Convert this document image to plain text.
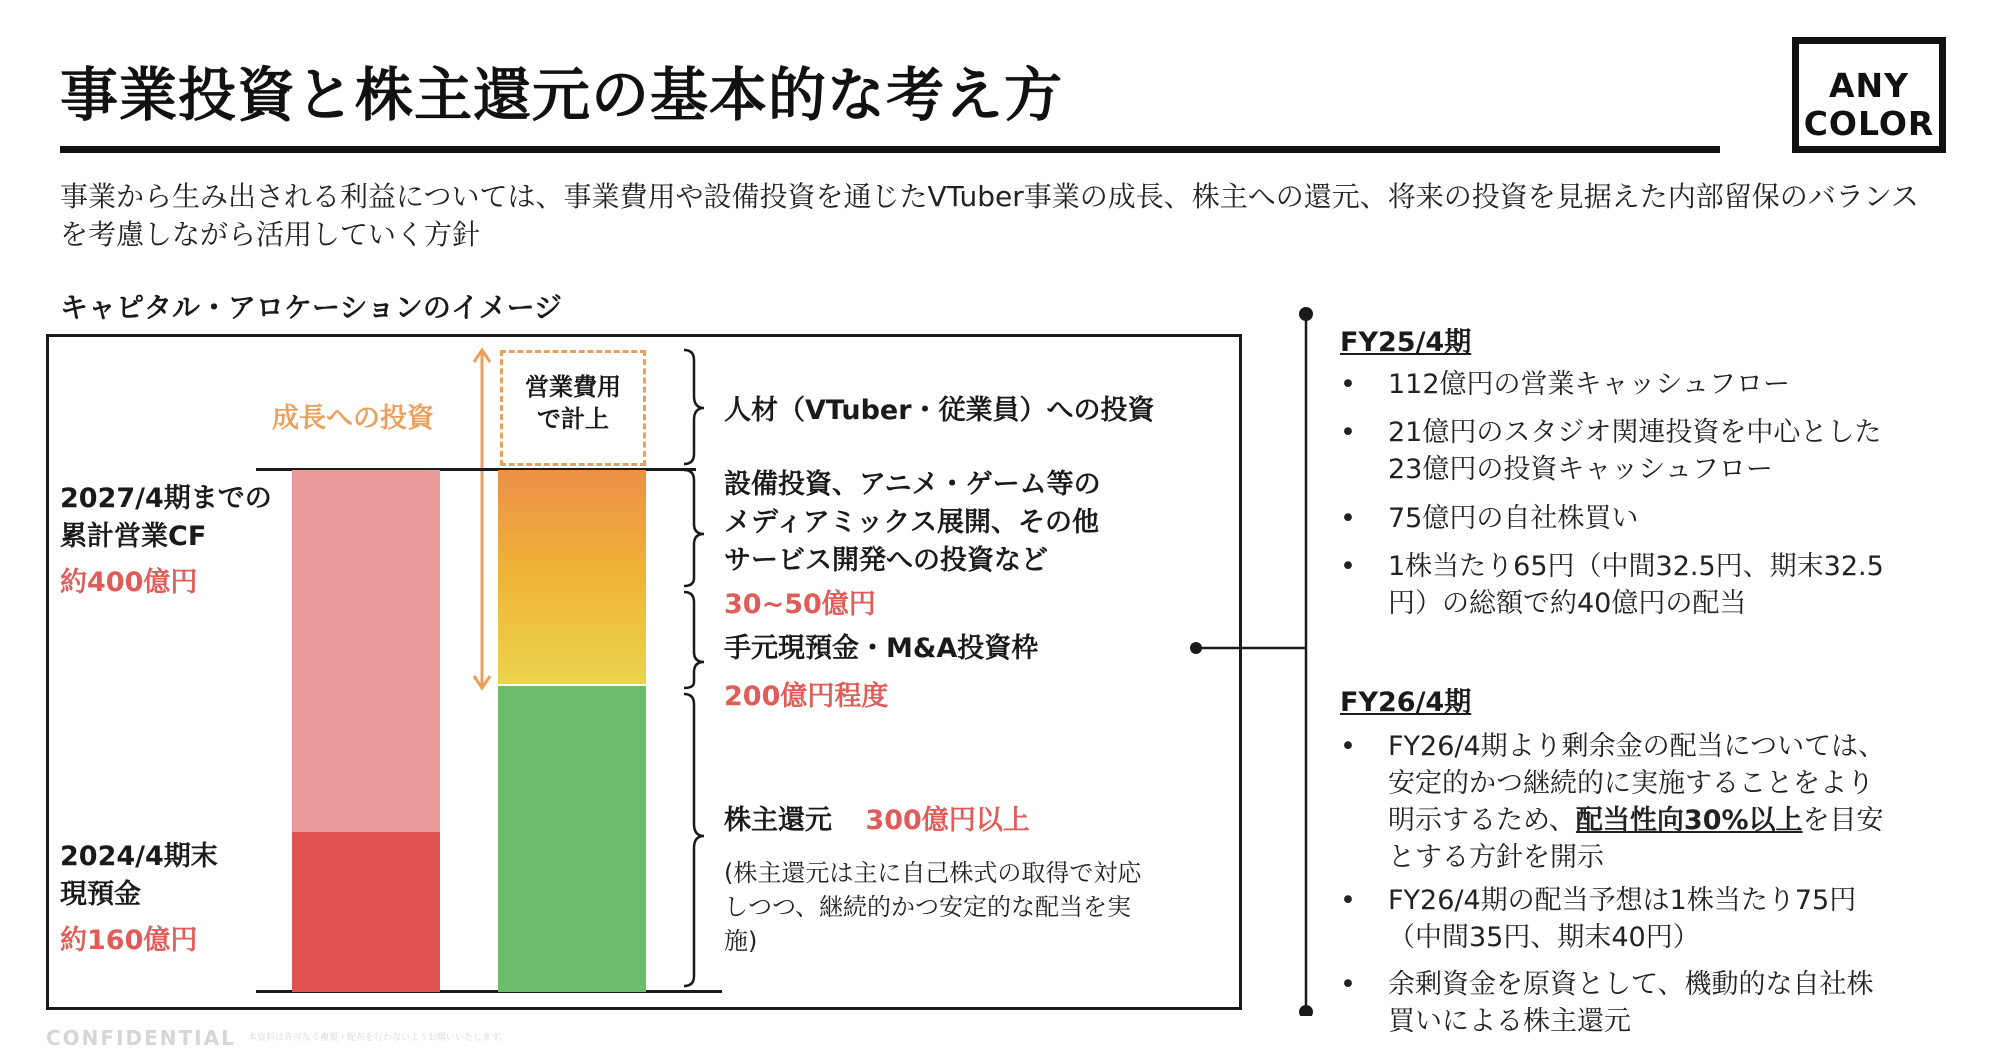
事業投資と株主還元の基本的な考え方	ANY
COLOR
事業から生み出される利益については、事業費用や設備投資を通じたVTuber事業の成長、株主への還元、将来の投資を見据えた内部留保のバランスを考慮しながら活用していく方針
キャピタル・アロケーションのイメージ
成長への投資
営業費用
で計上
2027/4期までの
累計営業CF
約400億円
2024/4期末
現預金
約160億円
人材（VTuber・従業員）への投資
設備投資、アニメ・ゲーム等の
メディアミックス展開、その他
サービス開発への投資など
30~50億円
手元現預金・M&A投資枠
200億円程度
株主還元 300億円以上
(株主還元は主に自己株式の取得で対応
しつつ、継続的かつ安定的な配当を実
施)
FY25/4期
• 112億円の営業キャッシュフロー
• 21億円のスタジオ関連投資を中心とした
23億円の投資キャッシュフロー
• 75億円の自社株買い
• 1株当たり65円（中間32.5円、期末32.5
円）の総額で約40億円の配当
FY26/4期
• FY26/4期より剰余金の配当については、
安定的かつ継続的に実施することをより
明示するため、配当性向30%以上を目安
とする方針を開示
• FY26/4期の配当予想は1株当たり75円
（中間35円、期末40円）
• 余剰資金を原資として、機動的な自社株
買いによる株主還元
CONFIDENTIAL 本資料は許可なく複製・配布を行わないようお願いいたします。
